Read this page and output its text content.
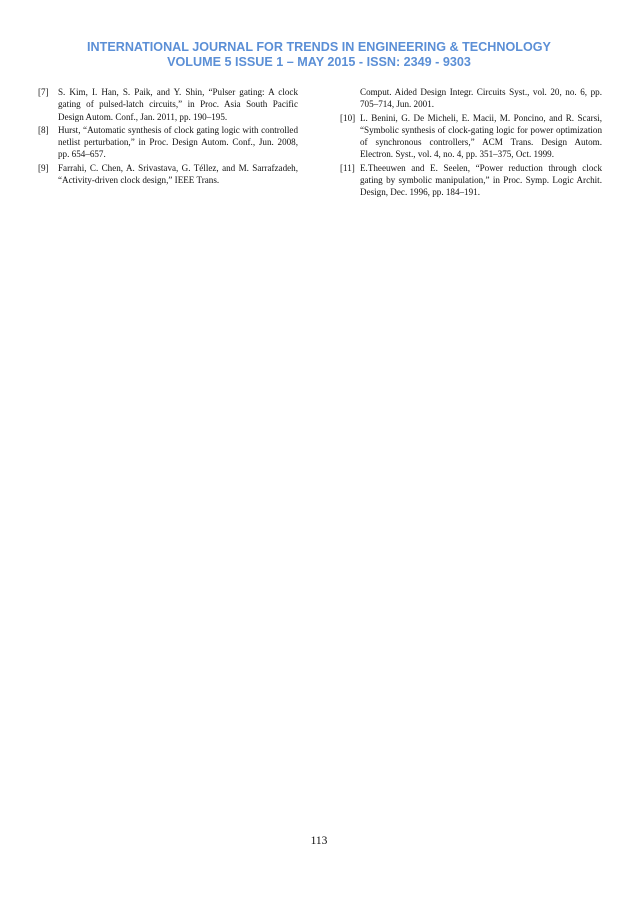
INTERNATIONAL JOURNAL FOR TRENDS IN ENGINEERING & TECHNOLOGY
VOLUME 5 ISSUE 1 – MAY 2015 - ISSN: 2349 - 9303
[7]	S. Kim, I. Han, S. Paik, and Y. Shin, “Pulser gating: A clock gating of pulsed-latch circuits,” in Proc. Asia South Pacific Design Autom. Conf., Jan. 2011, pp. 190–195.
[8]	Hurst, “Automatic synthesis of clock gating logic with controlled netlist perturbation,” in Proc. Design Autom. Conf., Jun. 2008, pp. 654–657.
[9]	Farrahi, C. Chen, A. Srivastava, G. Téllez, and M. Sarrafzadeh, “Activity-driven clock design,” IEEE Trans.
Comput. Aided Design Integr. Circuits Syst., vol. 20, no. 6, pp. 705–714, Jun. 2001.
[10] L. Benini, G. De Micheli, E. Macii, M. Poncino, and R. Scarsi, “Symbolic synthesis of clock-gating logic for power optimization of synchronous controllers,” ACM Trans. Design Autom. Electron. Syst., vol. 4, no. 4, pp. 351–375, Oct. 1999.
[11] E.Theeuwen and E. Seelen, “Power reduction through clock gating by symbolic manipulation,” in Proc. Symp. Logic Archit. Design, Dec. 1996, pp. 184–191.
113
